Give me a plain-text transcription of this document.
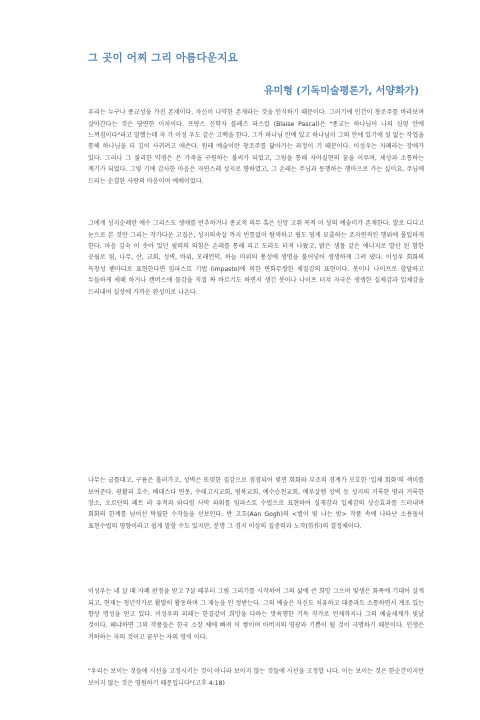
그 곳이 어찌 그리 아름다운지요
유미형 (기독미술평론가, 서양화가)

우리는 누구나 종교성을 가진 존재이다. 자신이 나약한 존재라는 것을 인식하기 때문이다. 그러기에 인간이 창조주를 바라보며 살아간다는 것은 당연한 이치이다. 프랑스 신학자 블레즈 파스칼 (Blaise Pascal)은 "종교는 하나님이 나의 심령 안에 느껴짐이다"라고 말했는데 자 가 이성 우도 같은 고백을 한다. 그가 하나님 안에 있고 하나님이 그의 안에 있기에 설 없는 작업을 통해 하나님을 더 깊이 사귀려고 애쓴다. 원래 예술이란 창조주를 닮아가는 과정이 기 때문이다. 이성우는 자폐라는 장애가 있다. 그러나 그 불리한 약점은 은 가죽을 구원하는 불씨가 되었고, 그림을 통해 자아실현의 꿈을 이루며, 세상과 소통하는 계기가 되었다. 그렇 기에 감사한 마음은 자연스레 성지로 향하였고, 그 손레는 주님과 동행하는 행마으로 가는 실이요, 주님께 드리는 순결한 사랑의 마음이며 예배이었다.

그에게 성지순례란 예수 그리스도 생애를 반추하거나 종교적 의무 혹은 신앙 고취 목적 이 상의 예술미가 존재한다. 발로 디디고 눈으로 본 것만 그리는 작가다운 고집은, 성지의속살 까지 빈틈없이 탐색하고 필도 덮게 묘출하는 조자연적인 행위에 몰입하게 한다. 마음 깊숙 이 솟아 있던 필력의 의힘은 손레를 통해 피고 도라도 터져 나왔고, 밝은 샘물 같은 에너지로 발산 된 함한 곳월로 됨, 나무, 산, 교회, 성벽, 바위, 모래언덕, 하늘 마위의 풍성에 생명을 불어넣어 생생하게 그려 냈다. 이성우 회화의 독창성 핸마디로 표현한다면 임파스토 기법 (impasto)에 의한 변화무쌍한 채질감의 표현이다. 붓이나 나이프로 할달하고 두들하게 새해 하거나 캔버스에 물감을 직접 짜 바르기도 하면서 생긴 붓이나 나이프 터치 자국은 생생한 실제감과 입체감을 드러내며 실상에 가까운 완성미로 나온다.

나무는 굽틀대고, 구름은 흘러가고, 성벽은 또렷한 질감으로 점점되어 빛면 회화와 부조의 경계가 모호한 '입체 회화'의 섹미를 보여준다. 광활리 호수, 베데스다 연못, 수태고지교회, 평북교회, 예수승천교회, 예루살렘 성벽 등 성지의 거룩한 땅과 거룩한 장소, 오르단의 페트 라 유적과 와디럼 사막 파워를 임파스토 수법으로 표현하여 실재감과 입체감의 상승효과를 드러내며 회화의 한계를 넘어선 탁월한 수작들을 선보인다. 반 고흐(Aan Gogh)의 <별이 빛 나는 밤> 작품 속에 나타난 소용돌이 표현수법의 영향이라고 쉽게 말할 수도 있지만, 분명 그 경지 이상의 집중력과 노작(勞作)의 결정체이다.

이성우는 네 살 때 자폐 판정을 받고 7살 때부터 그림 그리기를 시작하여 그의 삶에 큰 희망 그으며 빛생은 화폭에 기대어 살게 되고, 현재는 청년작가로 활발히 활동하며 그 재능을 인 정받는다. 그의 예술은 자신도 치유하고 대중과도 소통하면서 계조 있는 향상 명성을 얻고 있다. 이성우의 피레는 한결같이 희망을 다하는 맛욕행한 기독 작가로 언제까지나 그의 예술세계가 빛날 것이다. 왜냐하면 그의 작품들은 한국 소장 체에 빠져 이 쌓이며 아버지의 영광과 기쁨이 될 것이 극명하기 때문이다. 인생은 거하하는 자의 것이고 꿈꾸는 자의 영역 이다.

"우리는 보이는 것들에 시선을 고정시키는 것이 아니라 보이지 않는 것들에 시선을 고정합 니다. 이는 보이는 것은 한순간이지만 보이지 않는 것은 영원하기 때문입니다"(고후 4:18)
